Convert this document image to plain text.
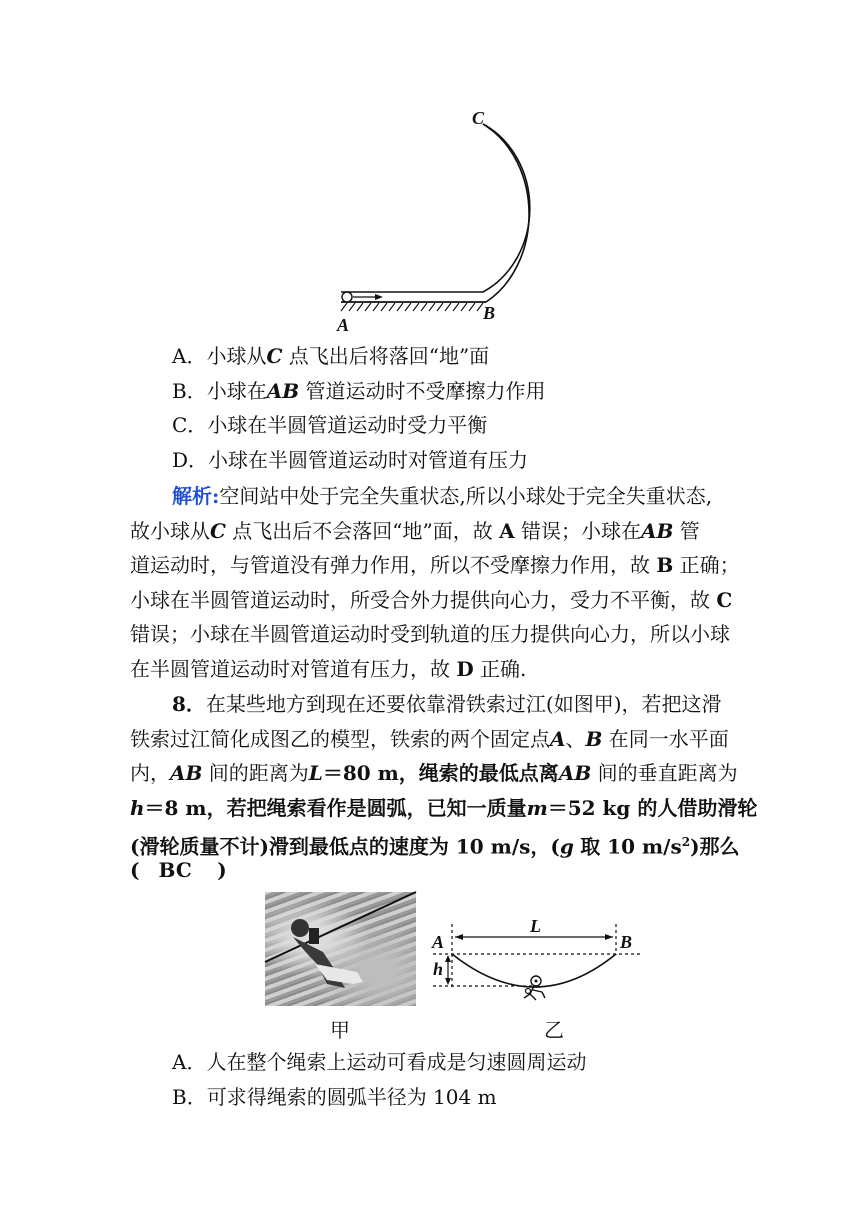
C
A
B
A．小球从C 点飞出后将落回“地”面
B．小球在AB 管道运动时不受摩擦力作用
C．小球在半圆管道运动时受力平衡
D．小球在半圆管道运动时对管道有压力
解析:空间站中处于完全失重状态,所以小球处于完全失重状态,
故小球从C 点飞出后不会落回“地”面，故 A 错误；小球在AB 管
道运动时，与管道没有弹力作用，所以不受摩擦力作用，故 B 正确；
小球在半圆管道运动时，所受合外力提供向心力，受力不平衡，故 C
错误；小球在半圆管道运动时受到轨道的压力提供向心力，所以小球
在半圆管道运动时对管道有压力，故 D 正确.
8．在某些地方到现在还要依靠滑铁索过江(如图甲)，若把这滑
铁索过江简化成图乙的模型，铁索的两个固定点A、B 在同一水平面
内，AB 间的距离为L＝80 m，绳索的最低点离AB 间的垂直距离为
h＝8 m，若把绳索看作是圆弧，已知一质量m＝52 kg 的人借助滑轮
(滑轮质量不计)滑到最低点的速度为 10 m/s，(g 取 10 $m/s^2$)那么
( BC )
甲
L
A	B
h
乙
A．人在整个绳索上运动可看成是匀速圆周运动
B．可求得绳索的圆弧半径为 104 m
